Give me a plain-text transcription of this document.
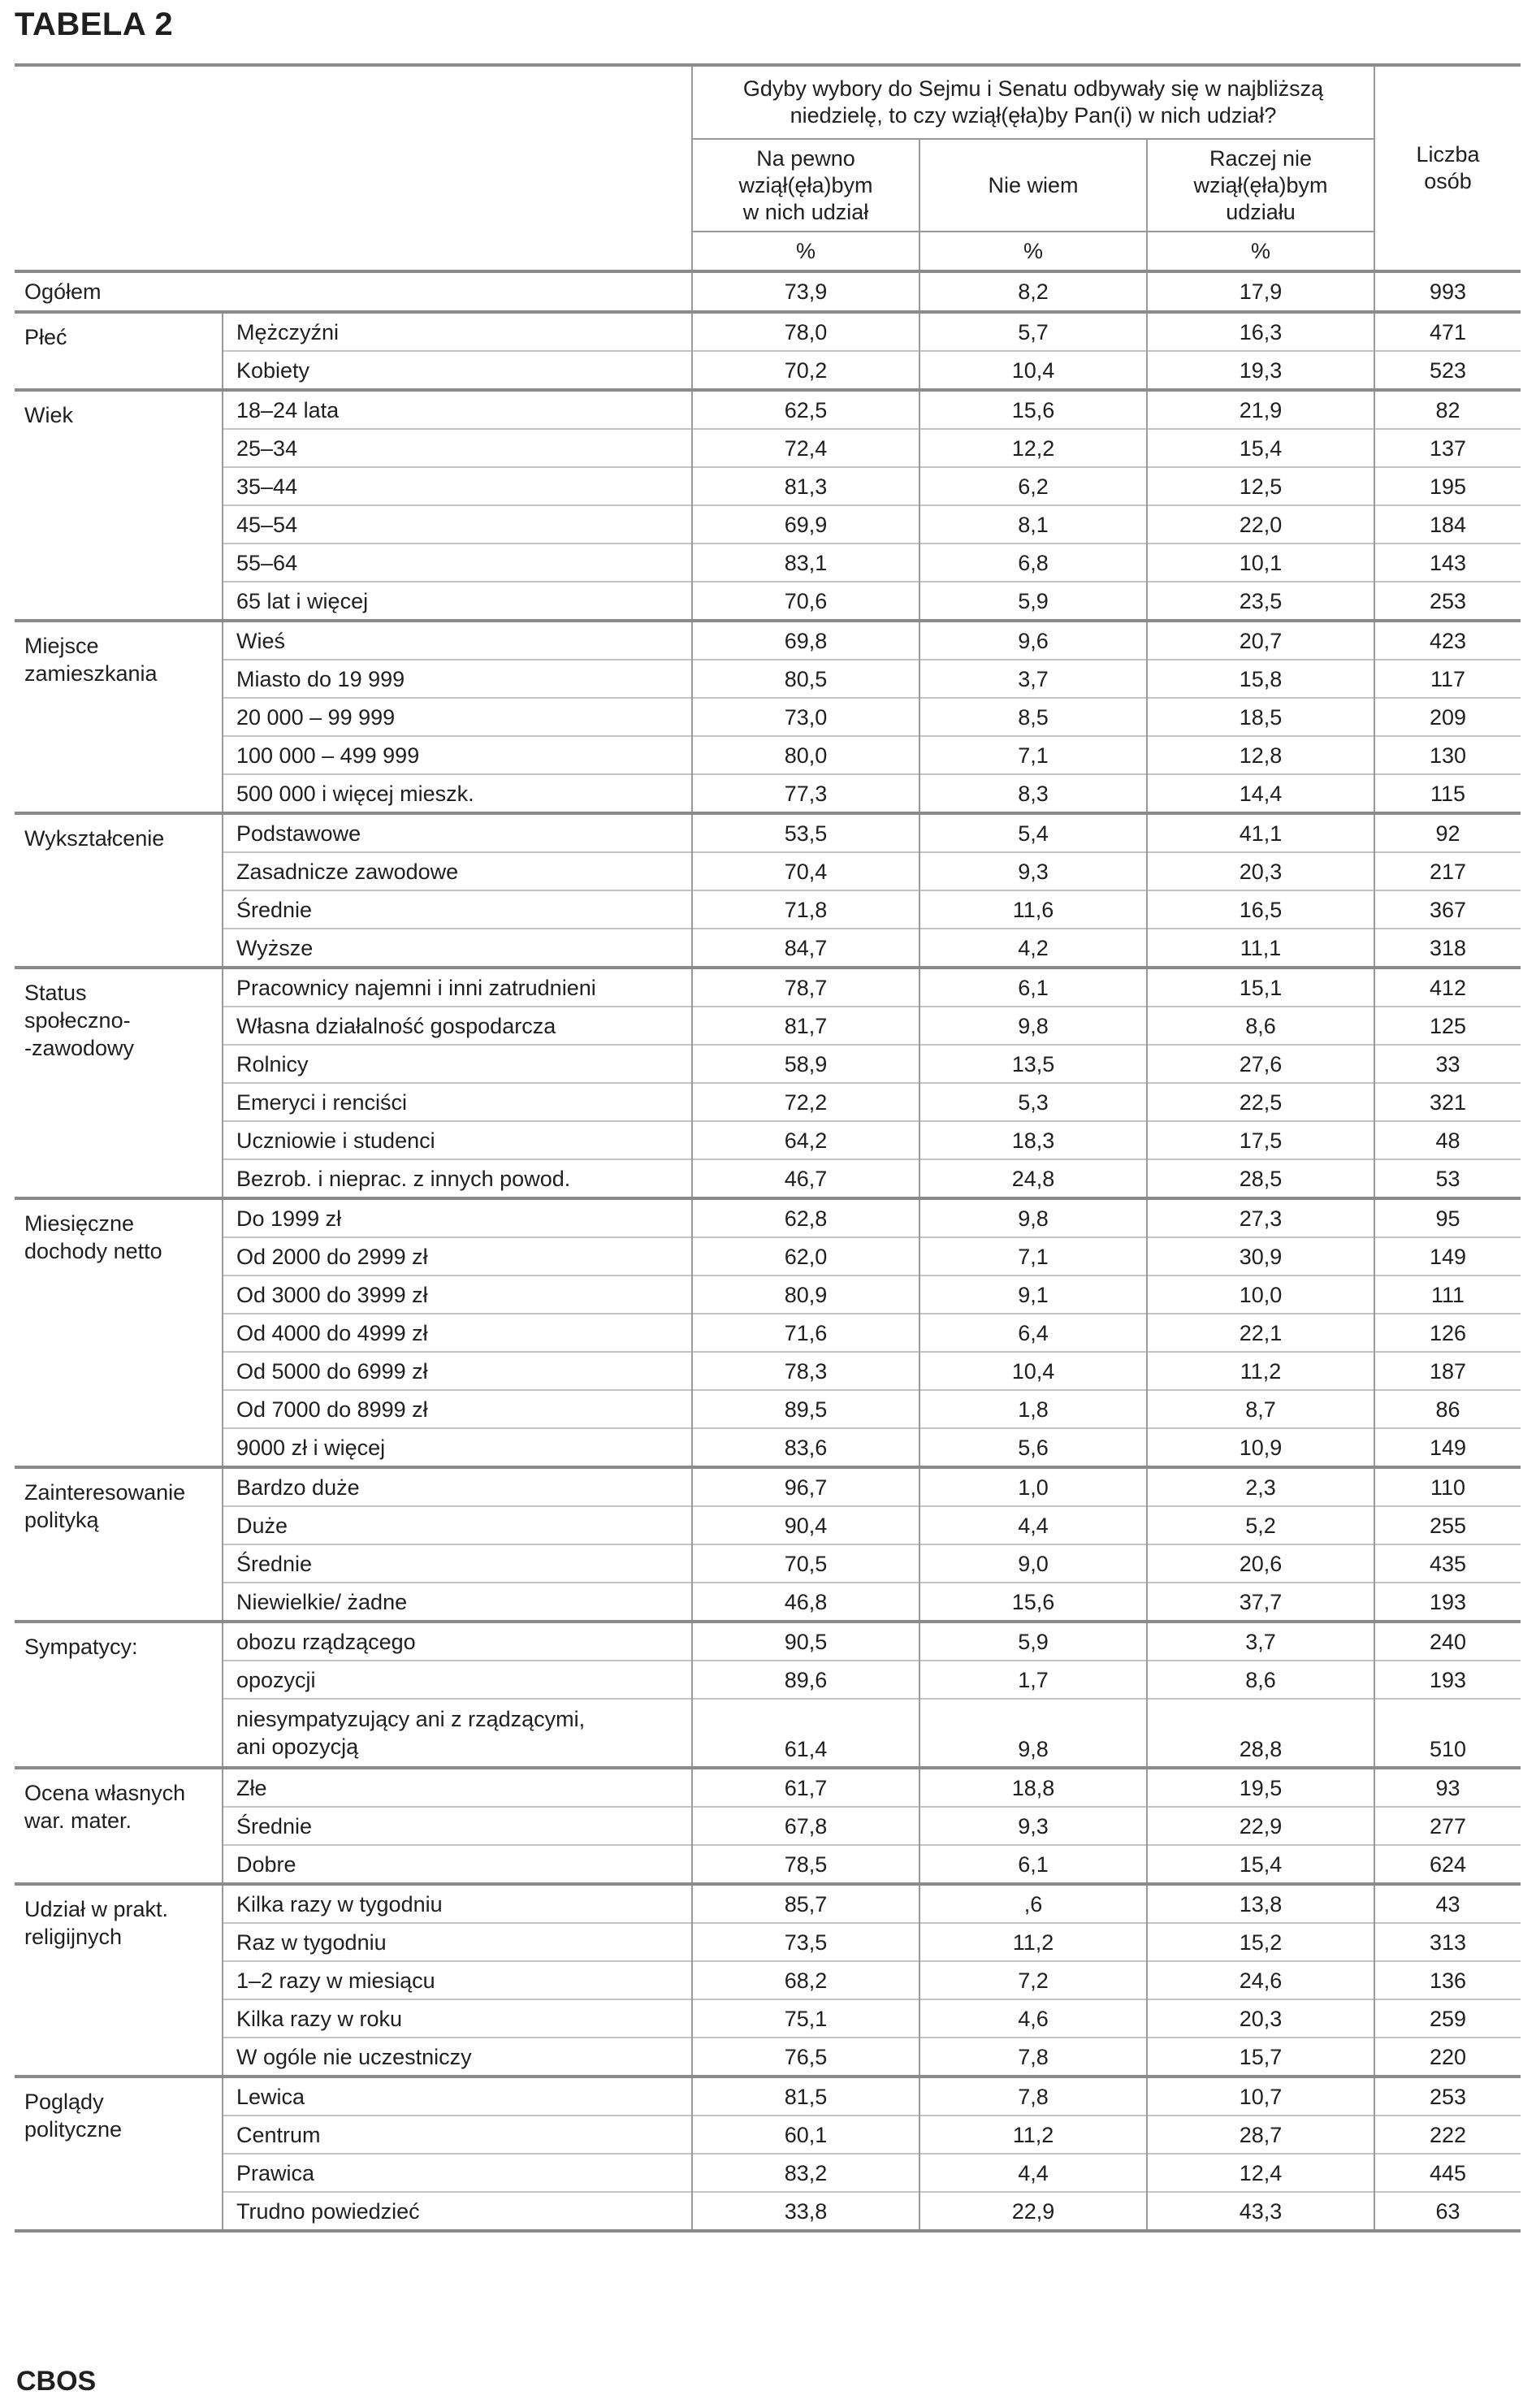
TABELA 2
		Gdyby wybory do Sejmu i Senatu odbywały się w najbliższą niedzielę, to czy wziął(ęła)by Pan(i) w nich udział?			Liczba
osób
		Na pewno wziął(ęła)bym w nich udział	Nie wiem	Raczej nie wziął(ęła)bym udziału	
		%	%	%	
Ogółem		73,9	8,2	17,9	993
Płeć	Mężczyźni	78,0	5,7	16,3	471
	Kobiety	70,2	10,4	19,3	523
Wiek	18–24 lata	62,5	15,6	21,9	82
	25–34	72,4	12,2	15,4	137
	35–44	81,3	6,2	12,5	195
	45–54	69,9	8,1	22,0	184
	55–64	83,1	6,8	10,1	143
	65 lat i więcej	70,6	5,9	23,5	253
Miejsce
zamieszkania	Wieś	69,8	9,6	20,7	423
	Miasto do 19 999	80,5	3,7	15,8	117
	20 000 – 99 999	73,0	8,5	18,5	209
	100 000 – 499 999	80,0	7,1	12,8	130
	500 000 i więcej mieszk.	77,3	8,3	14,4	115
Wykształcenie	Podstawowe	53,5	5,4	41,1	92
	Zasadnicze zawodowe	70,4	9,3	20,3	217
	Średnie	71,8	11,6	16,5	367
	Wyższe	84,7	4,2	11,1	318
Status
społeczno-
-zawodowy	Pracownicy najemni i inni zatrudnieni	78,7	6,1	15,1	412
	Własna działalność gospodarcza	81,7	9,8	8,6	125
	Rolnicy	58,9	13,5	27,6	33
	Emeryci i renciści	72,2	5,3	22,5	321
	Uczniowie i studenci	64,2	18,3	17,5	48
	Bezrob. i nieprac. z innych powod.	46,7	24,8	28,5	53
Miesięczne
dochody netto	Do 1999 zł	62,8	9,8	27,3	95
	Od 2000 do 2999 zł	62,0	7,1	30,9	149
	Od 3000 do 3999 zł	80,9	9,1	10,0	111
	Od 4000 do 4999 zł	71,6	6,4	22,1	126
	Od 5000 do 6999 zł	78,3	10,4	11,2	187
	Od 7000 do 8999 zł	89,5	1,8	8,7	86
	9000 zł i więcej	83,6	5,6	10,9	149
Zainteresowanie
polityką	Bardzo duże	96,7	1,0	2,3	110
	Duże	90,4	4,4	5,2	255
	Średnie	70,5	9,0	20,6	435
	Niewielkie/ żadne	46,8	15,6	37,7	193
Sympatycy:	obozu rządzącego	90,5	5,9	3,7	240
	opozycji	89,6	1,7	8,6	193
	niesympatyzujący ani z rządzącymi,
ani opozycją	61,4	9,8	28,8	510
Ocena własnych
war. mater.	Złe	61,7	18,8	19,5	93
	Średnie	67,8	9,3	22,9	277
	Dobre	78,5	6,1	15,4	624
Udział w prakt.
religijnych	Kilka razy w tygodniu	85,7	,6	13,8	43
	Raz w tygodniu	73,5	11,2	15,2	313
	1–2 razy w miesiącu	68,2	7,2	24,6	136
	Kilka razy w roku	75,1	4,6	20,3	259
	W ogóle nie uczestniczy	76,5	7,8	15,7	220
Poglądy
polityczne	Lewica	81,5	7,8	10,7	253
	Centrum	60,1	11,2	28,7	222
	Prawica	83,2	4,4	12,4	445
	Trudno powiedzieć	33,8	22,9	43,3	63
CBOS
